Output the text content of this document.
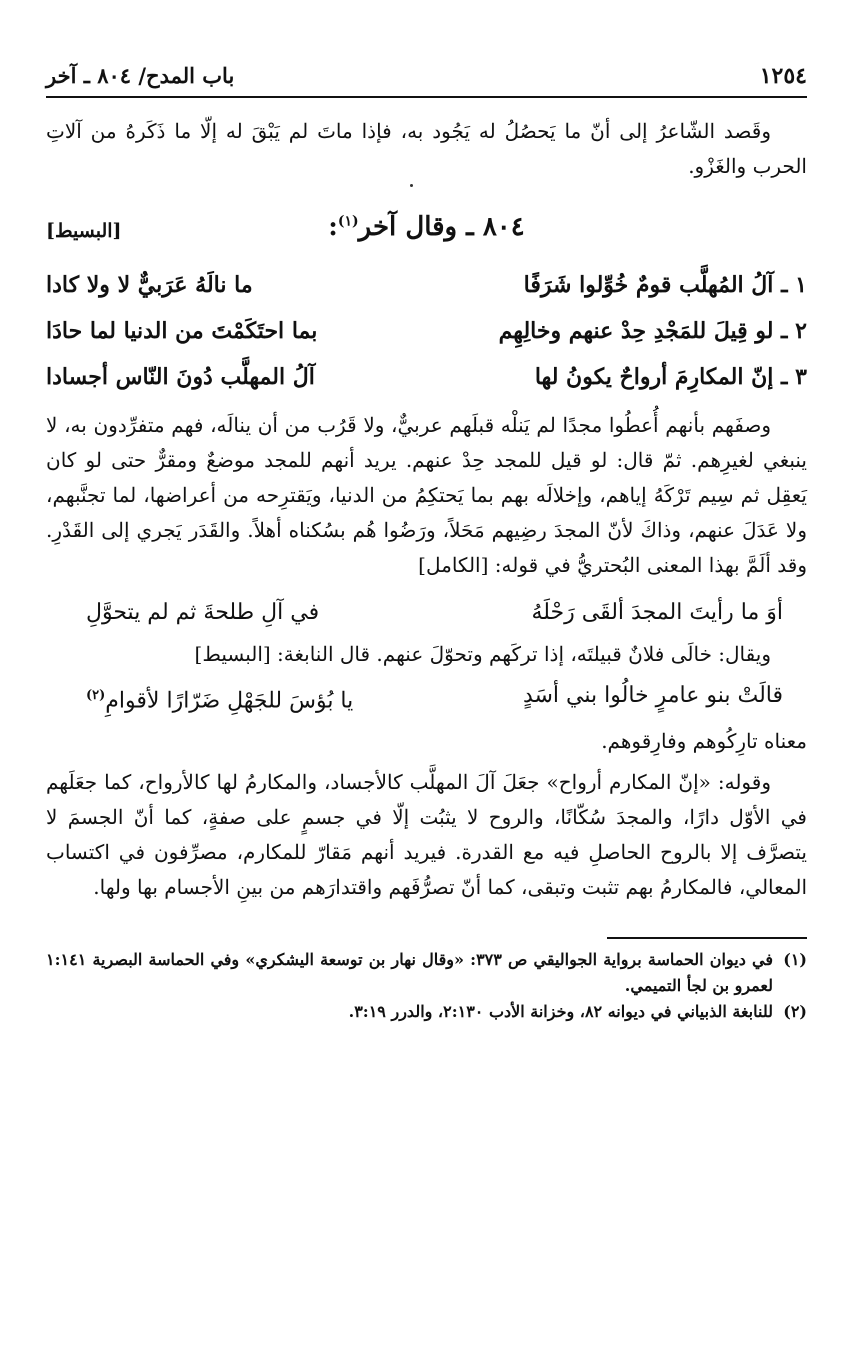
١٢٥٤
باب المدح/ ٨٠٤ ـ آخر

وقَصد الشّاعرُ إلى أنّ ما يَحصُلُ له يَجُود به، فإذا ماتَ لم يَبْقَ له إلّا ما ذَكَرهُ من آلاتِ الحرب والغَزْو.

٨٠٤ ـ وقال آخر$^{(١)}$:
[البسيط]
١ ـ آلُ المُهلَّب قومٌ خُوِّلوا شَرَفًا
ما نالَهُ عَرَبيٌّ لا ولا كادا
٢ ـ لو قِيلَ للمَجْدِ حِدْ عنهم وخالِهِم
بما احتَكَمْتَ من الدنيا لما حادَا
٣ ـ إنّ المكارِمَ أرواحٌ يكونُ لها
آلُ المهلَّب دُونَ النّاس أجسادا

وصفَهم بأنهم أُعطُوا مجدًا لم يَنلْه قبلَهم عربيٌّ، ولا قَرُب من أن ينالَه، فهم متفرِّدون به، لا ينبغي لغيرِهم. ثمّ قال: لو قيل للمجد حِدْ عنهم. يريد أنهم للمجد موضعٌ ومقرٌّ حتى لو كان يَعقِل ثم سِيم تَرْكَهُ إياهم، وإخلالَه بهم بما يَحتكِمُ من الدنيا، ويَقترِحه من أعراضها، لما تجنَّبهم، ولا عَدَلَ عنهم، وذاكَ لأنّ المجدَ رضِيهم مَحَلاً، ورَضُوا هُم بسُكناه أهلاً. والقَدَر يَجري إلى القَدْرِ. وقد ألَمَّ بهذا المعنى البُحتريُّ في قوله: [الكامل]

أوَ ما رأيتَ المجدَ ألقَى رَحْلَهُ
في آلِ طلحةَ ثم لم يتحوَّلِ

ويقال: خالَى فلانٌ قبيلتَه، إذا تركَهم وتحوّلَ عنهم. قال النابغة: [البسيط]

قالَتْ بنو عامرٍ خالُوا بني أسَدٍ
يا بُؤسَ للجَهْلِ ضَرّارًا لأقوامِ$^{(٢)}$

معناه تارِكُوهم وفارِقوهم.

وقوله: «إنّ المكارم أرواح» جعَلَ آلَ المهلَّب كالأجساد، والمكارمُ لها كالأرواح، كما جعَلَهم في الأوّل دارًا، والمجدَ سُكّانًا، والروح لا يثبُت إلّا في جسمٍ على صفةٍ، كما أنّ الجسمَ لا يتصرَّف إلا بالروح الحاصلِ فيه مع القدرة. فيريد أنهم مَقارّ للمكارم، مصرِّفون في اكتساب المعالي، فالمكارمُ بهم تثبت وتبقى، كما أنّ تصرُّفَهم واقتدارَهم من بينِ الأجسام بها ولها.

(١)
في ديوان الحماسة برواية الجواليقي ص ٣٧٣: «وقال نهار بن توسعة اليشكري» وفي الحماسة البصرية ١:١٤١ لعمرو بن لجأ التميمي.
(٢)
للنابغة الذبياني في ديوانه ٨٢، وخزانة الأدب ٢:١٣٠، والدرر ٣:١٩.
